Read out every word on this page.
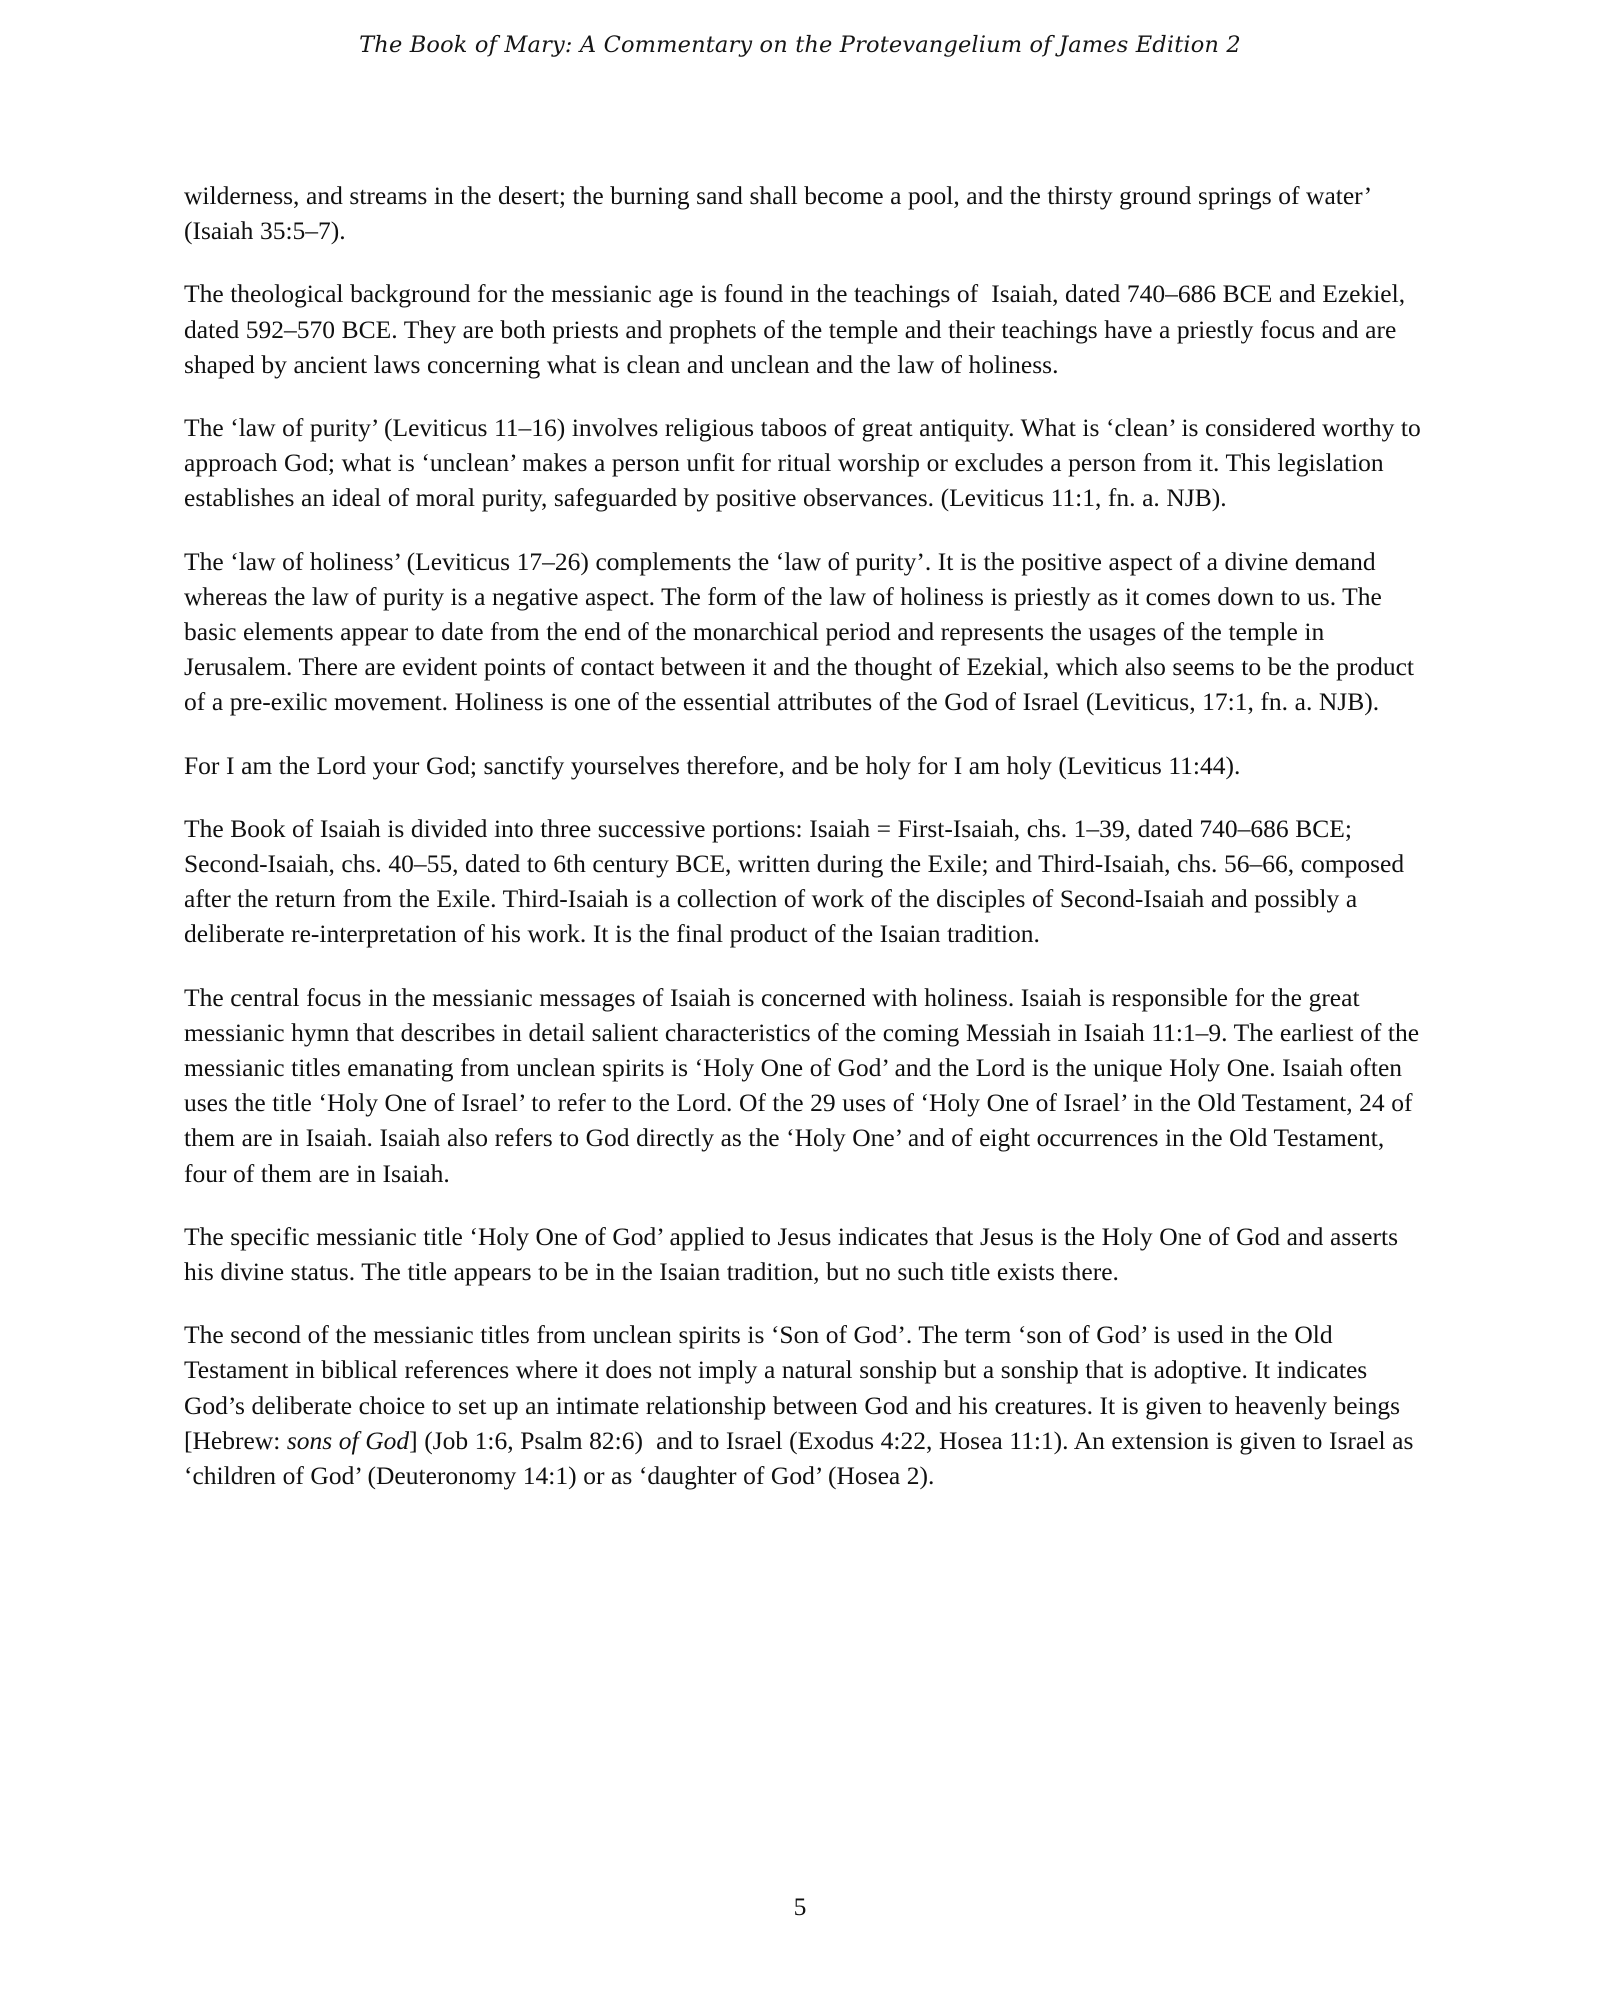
The Book of Mary: A Commentary on the Protevangelium of James Edition 2

wilderness, and streams in the desert; the burning sand shall become a pool, and the thirsty ground springs of water’ (Isaiah 35:5–7).

The theological background for the messianic age is found in the teachings of  Isaiah, dated 740–686 BCE and Ezekiel, dated 592–570 BCE. They are both priests and prophets of the temple and their teachings have a priestly focus and are shaped by ancient laws concerning what is clean and unclean and the law of holiness.

The ‘law of purity’ (Leviticus 11–16) involves religious taboos of great antiquity. What is ‘clean’ is considered worthy to approach God; what is ‘unclean’ makes a person unfit for ritual worship or excludes a person from it. This legislation establishes an ideal of moral purity, safeguarded by positive observances. (Leviticus 11:1, fn. a. NJB).

The ‘law of holiness’ (Leviticus 17–26) complements the ‘law of purity’. It is the positive aspect of a divine demand whereas the law of purity is a negative aspect. The form of the law of holiness is priestly as it comes down to us. The basic elements appear to date from the end of the monarchical period and represents the usages of the temple in Jerusalem. There are evident points of contact between it and the thought of Ezekial, which also seems to be the product of a pre-exilic movement. Holiness is one of the essential attributes of the God of Israel (Leviticus, 17:1, fn. a. NJB).

For I am the Lord your God; sanctify yourselves therefore, and be holy for I am holy (Leviticus 11:44).

The Book of Isaiah is divided into three successive portions: Isaiah = First-Isaiah, chs. 1–39, dated 740–686 BCE; Second-Isaiah, chs. 40–55, dated to 6th century BCE, written during the Exile; and Third-Isaiah, chs. 56–66, composed after the return from the Exile. Third-Isaiah is a collection of work of the disciples of Second-Isaiah and possibly a deliberate re-interpretation of his work. It is the final product of the Isaian tradition.

The central focus in the messianic messages of Isaiah is concerned with holiness. Isaiah is responsible for the great messianic hymn that describes in detail salient characteristics of the coming Messiah in Isaiah 11:1–9. The earliest of the messianic titles emanating from unclean spirits is ‘Holy One of God’ and the Lord is the unique Holy One. Isaiah often uses the title ‘Holy One of Israel’ to refer to the Lord. Of the 29 uses of ‘Holy One of Israel’ in the Old Testament, 24 of them are in Isaiah. Isaiah also refers to God directly as the ‘Holy One’ and of eight occurrences in the Old Testament, four of them are in Isaiah.

The specific messianic title ‘Holy One of God’ applied to Jesus indicates that Jesus is the Holy One of God and asserts his divine status. The title appears to be in the Isaian tradition, but no such title exists there.

The second of the messianic titles from unclean spirits is ‘Son of God’. The term ‘son of God’ is used in the Old Testament in biblical references where it does not imply a natural sonship but a sonship that is adoptive. It indicates God’s deliberate choice to set up an intimate relationship between God and his creatures. It is given to heavenly beings  [Hebrew: sons of God] (Job 1:6, Psalm 82:6)  and to Israel (Exodus 4:22, Hosea 11:1). An extension is given to Israel as ‘children of God’ (Deuteronomy 14:1) or as ‘daughter of God’ (Hosea 2).

5
